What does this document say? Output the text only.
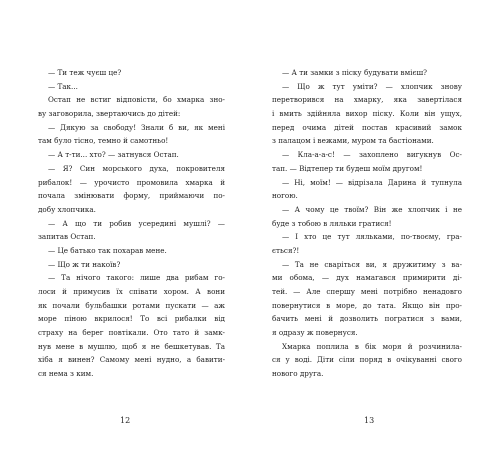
— Ти теж чуєш це?
— Так...
Остап не встиг відповісти, бо хмарка зно-
ву заговорила, звертаючись до дітей:
— Дякую за свободу! Знали б ви, як мені
там було тісно, темно й самотньо!
— А т-ти... хто? — затнувся Остап.
— Я? Син морського духа, покровителя
рибалок! — урочисто промовила хмарка й
почала змінювати форму, приймаючи по-
добу хлопчика.
— А що ти робив усередині мушлі? —
запитав Остап.
— Це батько так похарав мене.
— Що ж ти накоїв?
— Та нічого такого: лише два рибам го-
лоси й примусив їх співати хором. А вони
як почали бульбашки ротами пускати — аж
море піною вкрилося! То всі рибалки від
страху на берег повтікали. Ото тато й замк-
нув мене в мушлю, щоб я не бешкетував. Та
хіба я винен? Самому мені нудно, а бавити-
ся нема з ким.
12
— А ти замки з піску будувати вмієш?
— Що ж тут уміти? — хлопчик знову
перетворився на хмарку, яка завертілася
і вмить здійняла вихор піску. Коли він ущух,
перед очима дітей постав красивий замок
з палацом і вежами, муром та бастіонами.
— Кла-а-а-с! — захоплено вигукнув Ос-
тап. — Відтепер ти будеш моїм другом!
— Ні, моїм! — відрізала Дарина й тупнула
ногою.
— А чому це твоїм? Він же хлопчик і не
буде з тобою в ляльки гратися!
— І хто це тут ляльками, по-твоєму, гра-
ється?!
— Та не сваріться ви, я дружитиму з ва-
ми обома, — дух намагався примирити ді-
тей. — Але спершу мені потрібно ненадовго
повернутися в море, до тата. Якщо він про-
бачить мені й дозволить погратися з вами,
я одразу ж повернуся.
Хмарка поплила в бік моря й розчинила-
ся у воді. Діти сіли поряд в очікуванні свого
нового друга.
13
